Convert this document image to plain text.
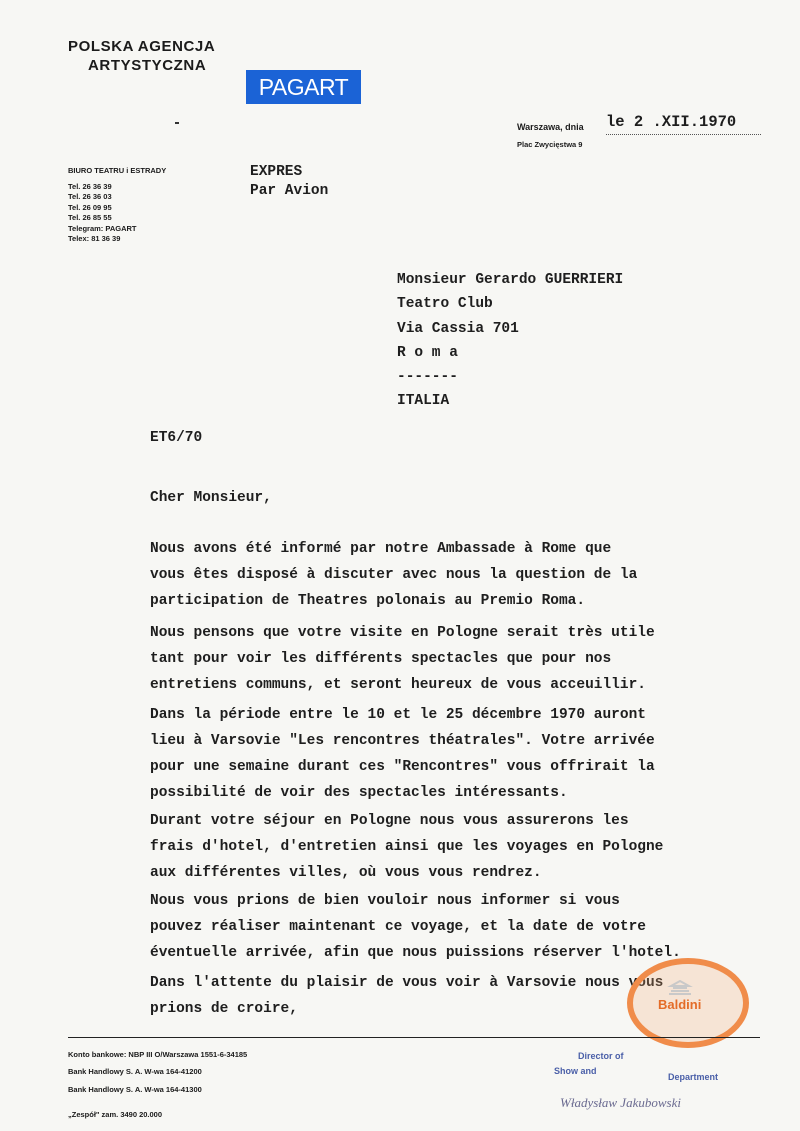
POLSKA AGENCJA
ARTYSTYCZNA
PAGART
BIURO TEATRU i ESTRADY
Tel. 26 36 39
Tel. 26 36 03
Tel. 26 09 95
Tel. 26 85 55
Telegram: PAGART
Telex: 81 36 39
EXPRES
Par Avion
Warszawa, dnia
Plac Zwycięstwa 9
le 2 .XII.1970
Monsieur Gerardo GUERRIERI
Teatro Club
Via Cassia 701
R o m a
-------
ITALIA
ET6/70
Cher Monsieur,
Nous avons été informé par notre Ambassade à Rome que
vous êtes disposé à discuter avec nous la question de la
participation de Theatres polonais au Premio Roma.
Nous pensons que votre visite en Pologne serait très utile
tant pour voir les différents spectacles que pour nos
entretiens communs, et seront heureux de vous acceuillir.
Dans la période entre le 10 et le 25 décembre 1970 auront
lieu à Varsovie "Les rencontres théatrales". Votre arrivée
pour une semaine durant ces "Rencontres" vous offrirait la
possibilité de voir des spectacles intéressants.
Durant votre séjour en Pologne nous vous assurerons les
frais d'hotel, d'entretien ainsi que les voyages en Pologne
aux différentes villes, où vous vous rendrez.
Nous vous prions de bien vouloir nous informer si vous
pouvez réaliser maintenant ce voyage, et la date de votre
éventuelle arrivée, afin que nous puissions réserver l'hotel.
Dans l'attente du plaisir de vous voir à Varsovie nous vous
prions de croire,	Baldini
Konto bankowe: NBP III O/Warszawa 1551-6-34185
Bank Handlowy S. A. W-wa 164-41200
Bank Handlowy S. A. W-wa 164-41300
„Zespół" zam. 3490 20.000
Director of
Show and
Department
Władysław Jakubowski
